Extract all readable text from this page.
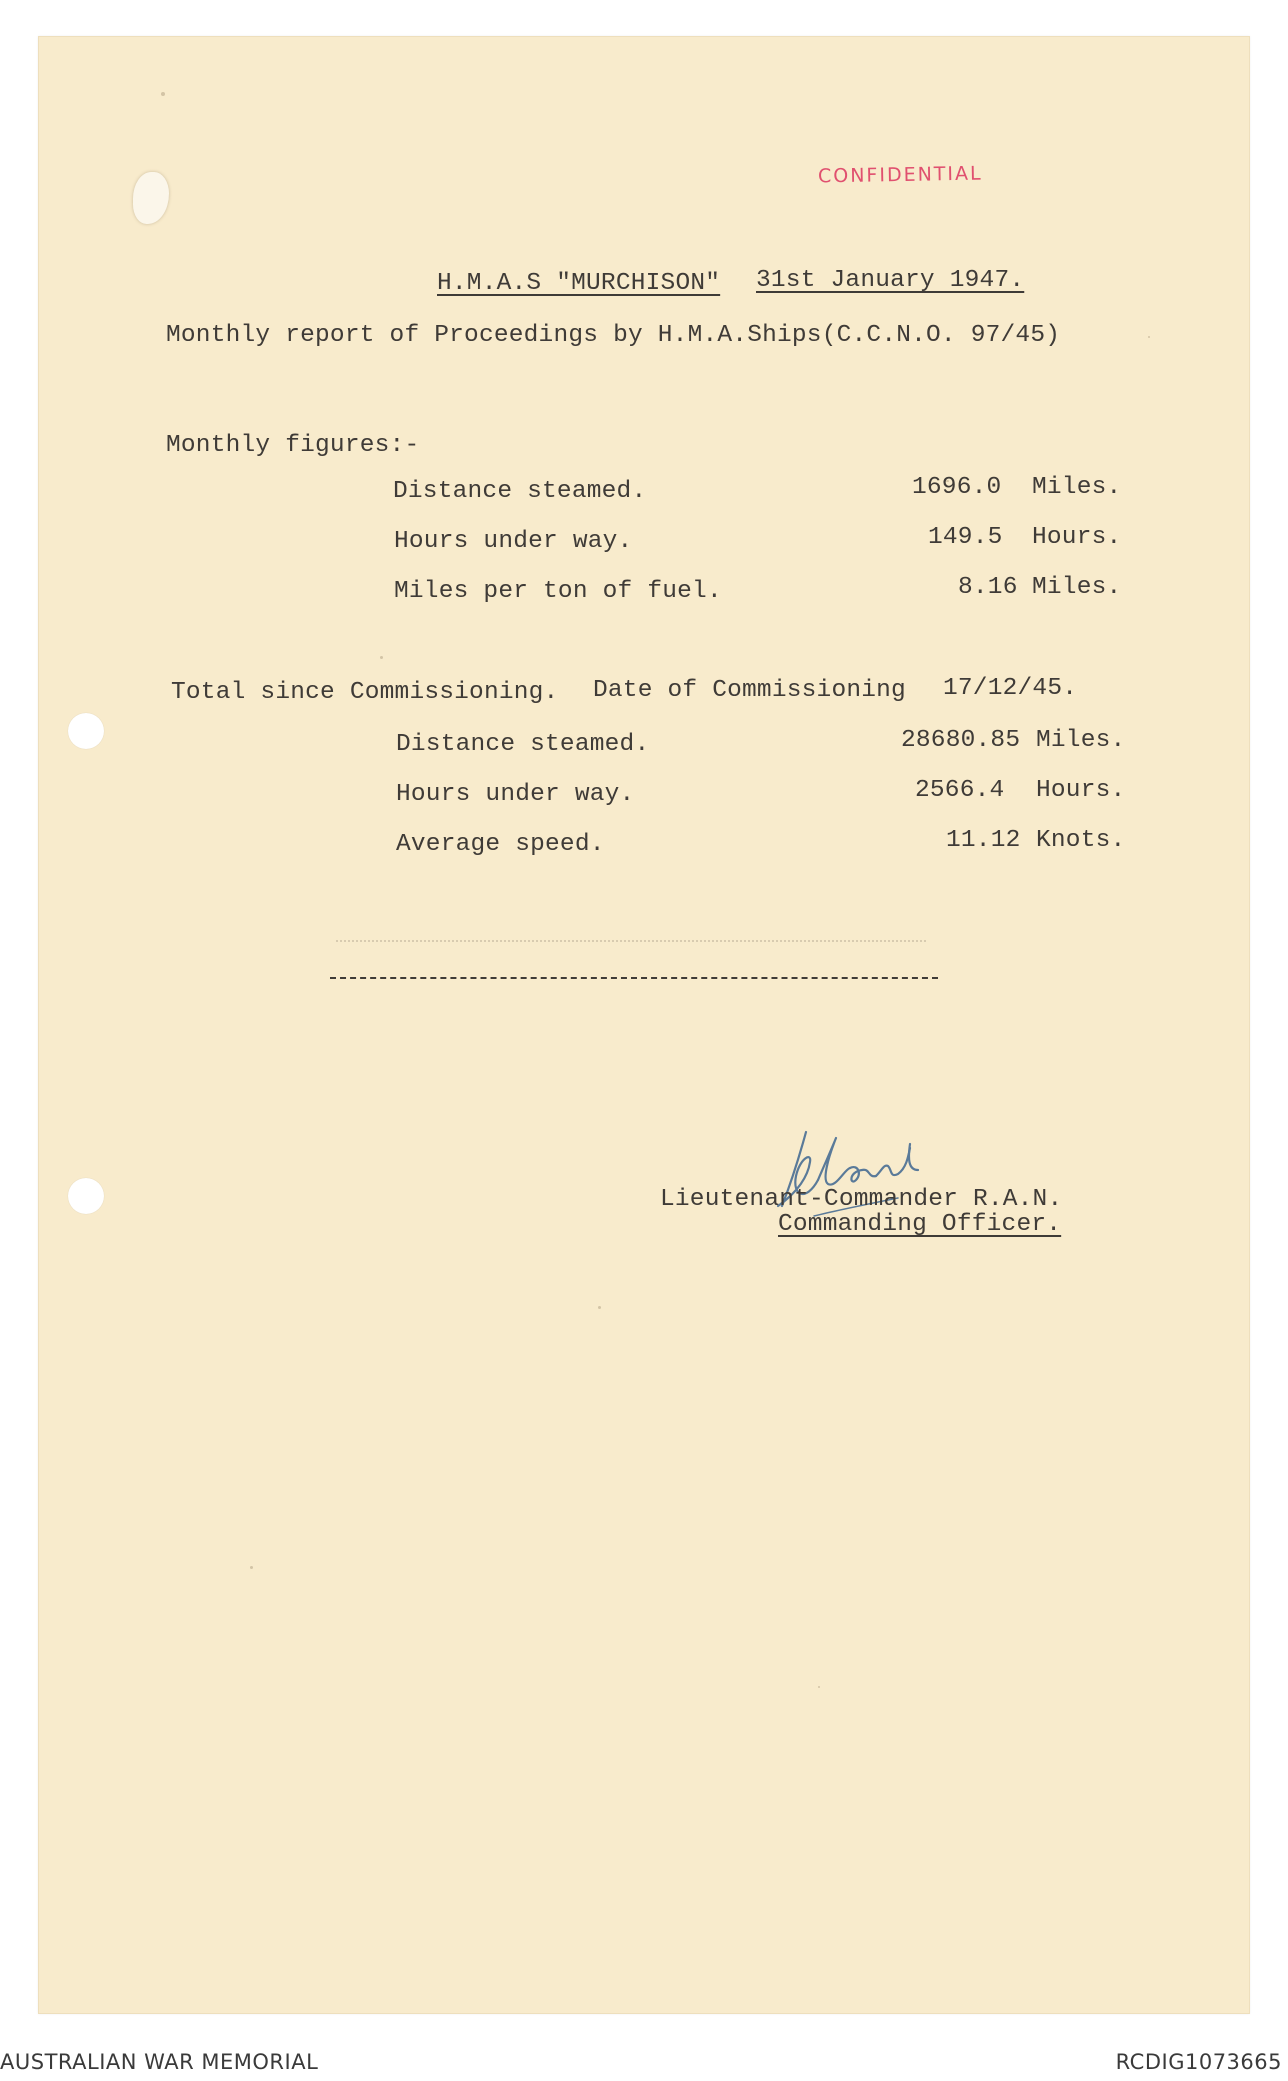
CONFIDENTIAL
H.M.A.S "MURCHISON" 31st January 1947.
Monthly report of Proceedings by H.M.A.Ships(C.C.N.O. 97/45)
Monthly figures:-
Distance steamed.	1696.0 Miles.
Hours under way.	149.5 Hours.
Miles per ton of fuel.	8.16 Miles.
Total since Commissioning. Date of Commissioning 17/12/45.
Distance steamed.	28680.85 Miles.
Hours under way.	2566.4 Hours.
Average speed.	11.12 Knots.
Lieutenant-Commander R.A.N.
Commanding Officer.
AUSTRALIAN WAR MEMORIAL	RCDIG1073665
